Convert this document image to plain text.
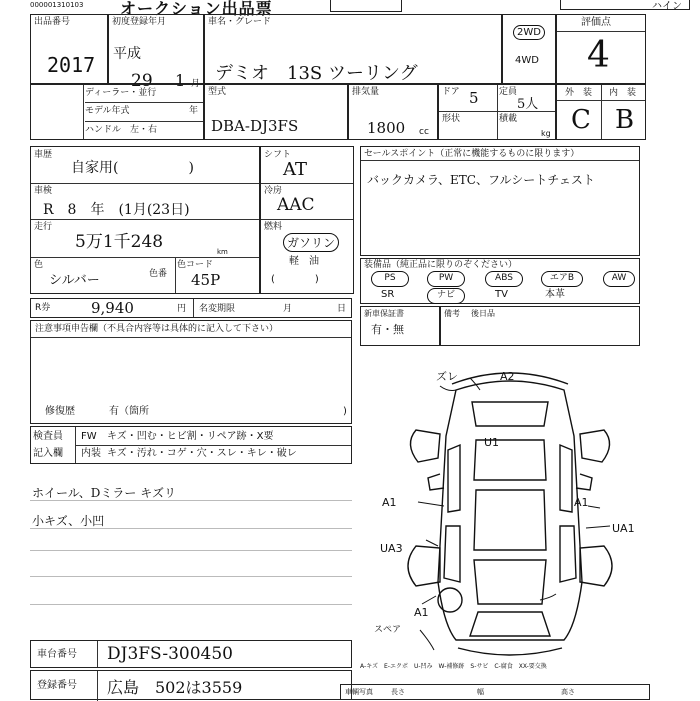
000001310103 オークション出品票
出品番号
2017
初度登録年月
平成
29 1 月
ディーラー・並行
モデル年式	年
ハンドル　左・右
車名・グレード
デミオ　13S ツーリング
2WD
4WD
評価点
4
ハイン
型式
DBA-DJ3FS
排気量
1800 cc
ドア 5 定員
5人
形状	積載
kg
外　装 内　装
C B
車歴
自家用(　　　　　)
車検
R　8　年　(1月(23日)
走行
5万1千248	km
色
シルバー	色番
色コード
45P
シフト
AT
冷房
AAC
燃料
ガソリン
軽　油
(　　　　)
セールスポイント（正常に機能するものに限ります）
バックカメラ、ETC、フルシートチェスト
装備品（純正品に限りのぞください）
PS	PW	ABS	エアB	AW
SR	ナビ	TV	本革
R券	9,940	円 名変期限	月	日 新車保証書
有・無
備考 後日品
注意事項申告欄（不具合内容等は具体的に記入して下さい）
修復歴	有（箇所	)
検査員
記入欄
FW キズ・凹む・ヒビ割・リペア跡・X要
内装 キズ・汚れ・コゲ・穴・スレ・キレ・破レ
ホイール、Dミラー キズリ
小キズ、小凹
ズレ	A2
U1
A1	A1
UA1
UA3
A1
スペア
A-キズ　E-エクボ　U-凹み　W-補修跡　S-サビ　C-腐食　XX-要交換
車台番号 DJ3FS-300450
登録番号 広島　502は3559	車輌写真	長さ	幅	高さ
